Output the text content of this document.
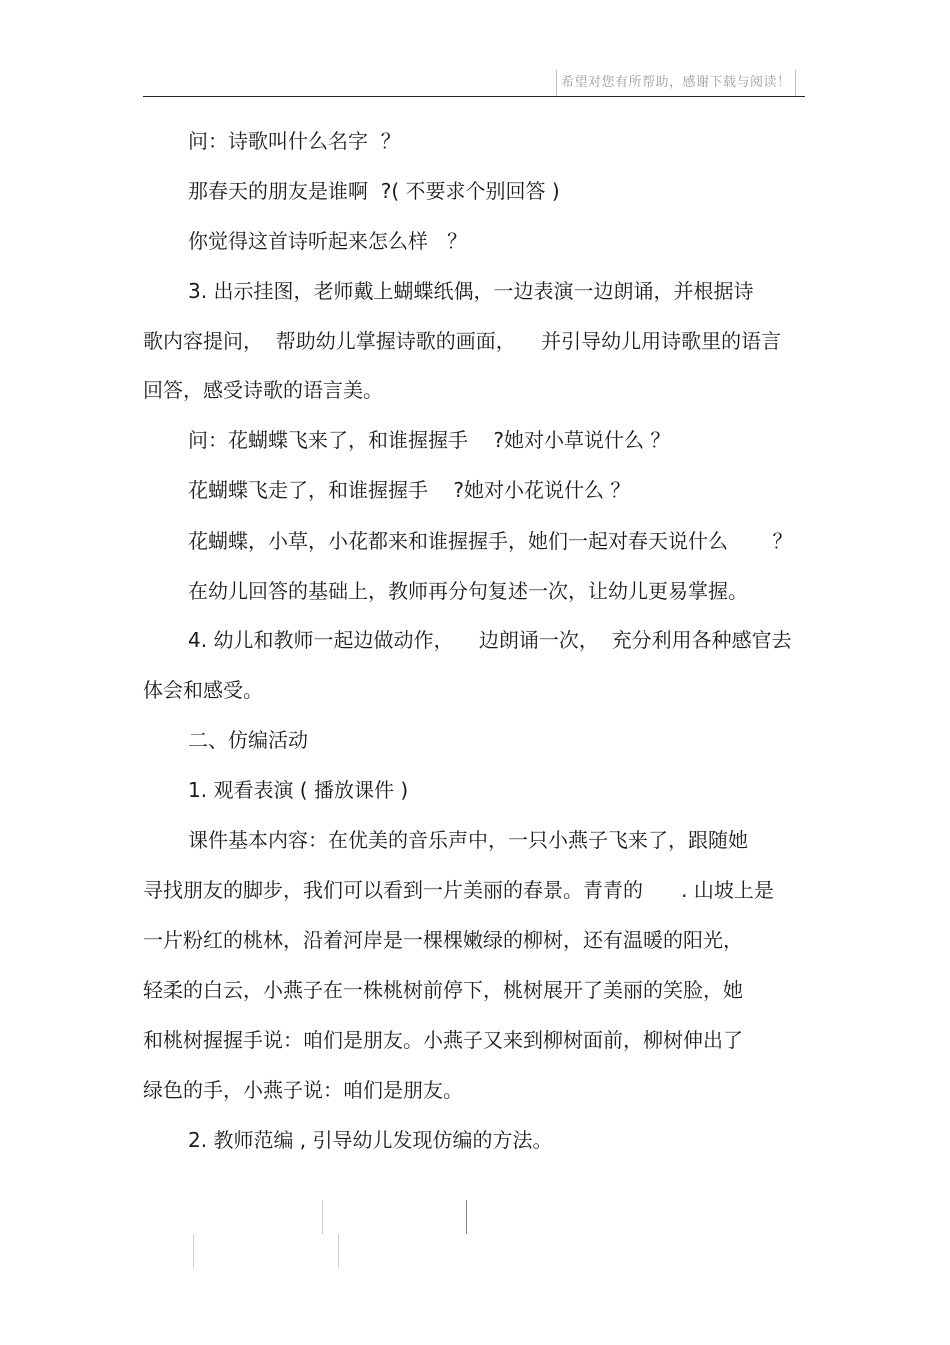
希望对您有所帮助，感谢下载与阅读！
问：诗歌叫什么名字  ？
那春天的朋友是谁啊  ?( 不要求个别回答 )
你觉得这首诗听起来怎么样   ？
3. 出示挂图，老师戴上蝴蝶纸偶，一边表演一边朗诵，并根据诗
歌内容提问，  帮助幼儿掌握诗歌的画面，    并引导幼儿用诗歌里的语言
回答，感受诗歌的语言美。
问：花蝴蝶飞来了，和谁握握手    ?她对小草说什么 ？
花蝴蝶飞走了，和谁握握手    ?她对小花说什么 ？
花蝴蝶，小草，小花都来和谁握握手，她们一起对春天说什么       ？
在幼儿回答的基础上，教师再分句复述一次，让幼儿更易掌握。
4. 幼儿和教师一起边做动作，    边朗诵一次，  充分利用各种感官去
体会和感受。
二、仿编活动
1. 观看表演 ( 播放课件 )
课件基本内容：在优美的音乐声中，一只小燕子飞来了，跟随她
寻找朋友的脚步，我们可以看到一片美丽的春景。青青的      . 山坡上是
一片粉红的桃林，沿着河岸是一棵棵嫩绿的柳树，还有温暖的阳光，
轻柔的白云，小燕子在一株桃树前停下，桃树展开了美丽的笑脸，她
和桃树握握手说：咱们是朋友。小燕子又来到柳树面前，柳树伸出了
绿色的手，小燕子说：咱们是朋友。
2. 教师范编 , 引导幼儿发现仿编的方法。
